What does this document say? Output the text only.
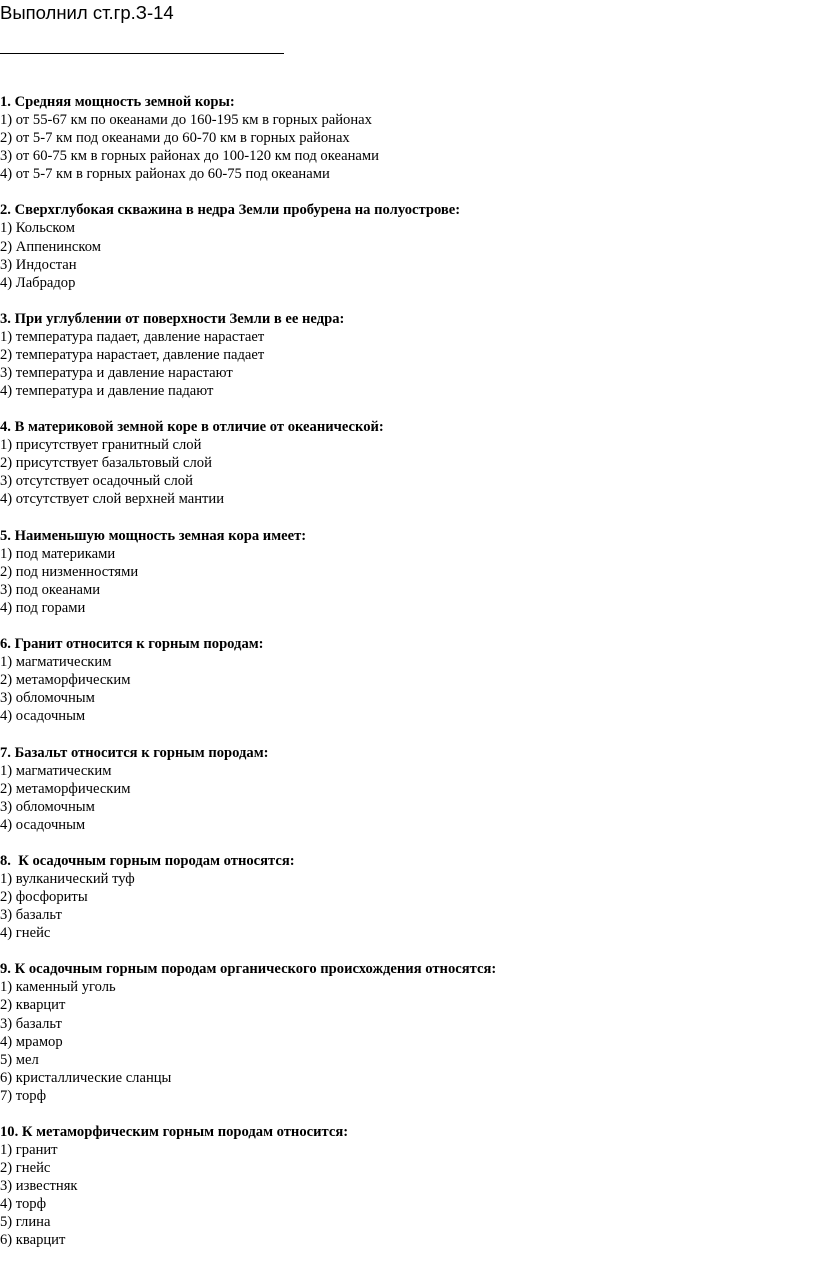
Выполнил ст.гр.З-14
1. Средняя мощность земной коры:
1) от 55-67 км по океанами до 160-195 км в горных районах
2) от 5-7 км под океанами до 60-70 км в горных районах
3) от 60-75 км в горных районах до 100-120 км под океанами
4) от 5-7 км в горных районах до 60-75 под океанами
2. Сверхглубокая скважина в недра Земли пробурена на полуострове:
1) Кольском
2) Аппенинском
3) Индостан
4) Лабрадор
3. При углублении от поверхности Земли в ее недра:
1) температура падает, давление нарастает
2) температура нарастает, давление падает
3) температура и давление нарастают
4) температура и давление падают
4. В материковой земной коре в отличие от океанической:
1) присутствует гранитный слой
2) присутствует базальтовый слой
3) отсутствует осадочный слой
4) отсутствует слой верхней мантии
5. Наименьшую мощность земная кора имеет:
1) под материками
2) под низменностями
3) под океанами
4) под горами
6. Гранит относится к горным породам:
1) магматическим
2) метаморфическим
3) обломочным
4) осадочным
7. Базальт относится к горным породам:
1) магматическим
2) метаморфическим
3) обломочным
4) осадочным
8.  К осадочным горным породам относятся:
1) вулканический туф
2) фосфориты
3) базальт
4) гнейс
9. К осадочным горным породам органического происхождения относятся:
1) каменный уголь
2) кварцит
3) базальт
4) мрамор
5) мел
6) кристаллические сланцы
7) торф
10. К метаморфическим горным породам относится:
1) гранит
2) гнейс
3) известняк
4) торф
5) глина
6) кварцит
